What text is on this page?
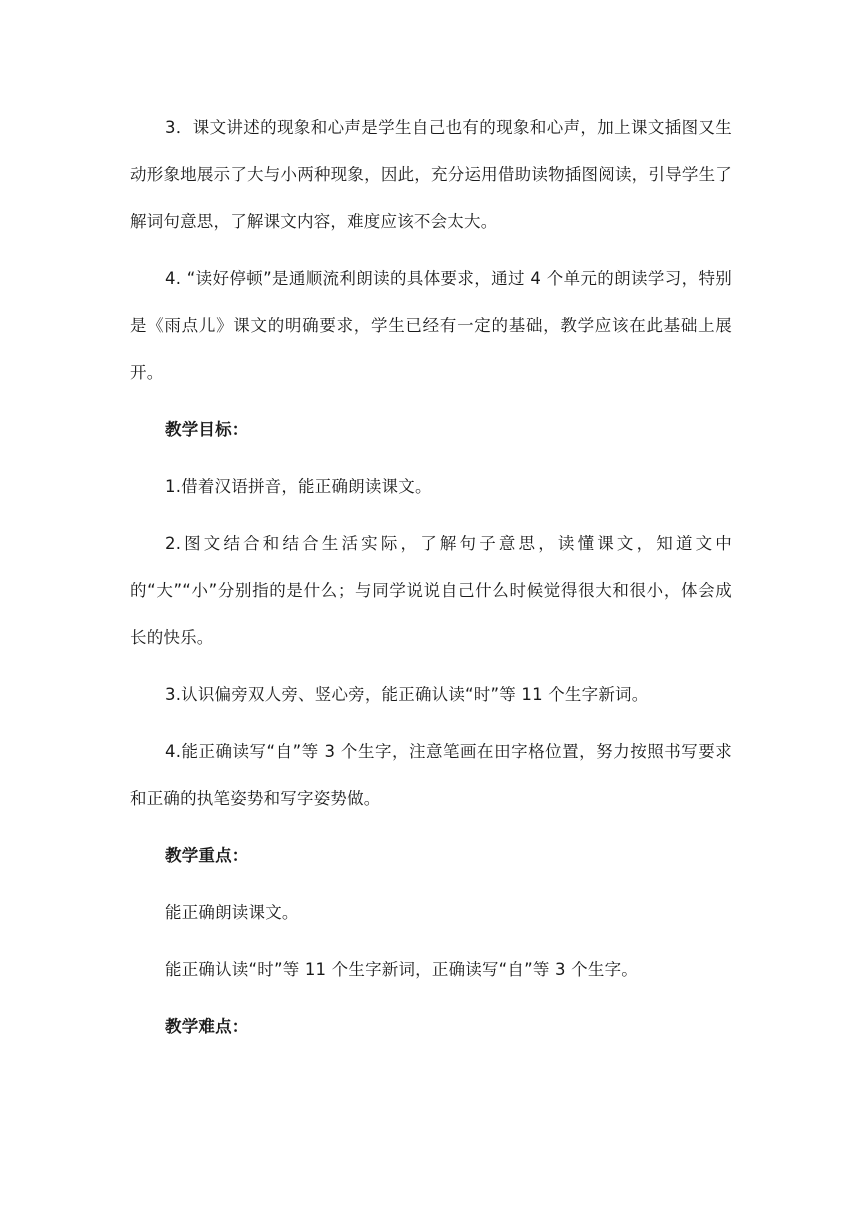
3．课文讲述的现象和心声是学生自己也有的现象和心声，加上课文插图又生动形象地展示了大与小两种现象，因此，充分运用借助读物插图阅读，引导学生了解词句意思，了解课文内容，难度应该不会太大。

4. “读好停顿”是通顺流利朗读的具体要求，通过 4 个单元的朗读学习，特别是《雨点儿》课文的明确要求，学生已经有一定的基础，教学应该在此基础上展开。

教学目标：

1.借着汉语拼音，能正确朗读课文。

2.图文结合和结合生活实际，了解句子意思，读懂课文，知道文中的“大”“小”分别指的是什么；与同学说说自己什么时候觉得很大和很小，体会成长的快乐。

3.认识偏旁双人旁、竖心旁，能正确认读“时”等 11 个生字新词。

4.能正确读写“自”等 3 个生字，注意笔画在田字格位置，努力按照书写要求和正确的执笔姿势和写字姿势做。

教学重点：

能正确朗读课文。

能正确认读“时”等 11 个生字新词，正确读写“自”等 3 个生字。

教学难点：
